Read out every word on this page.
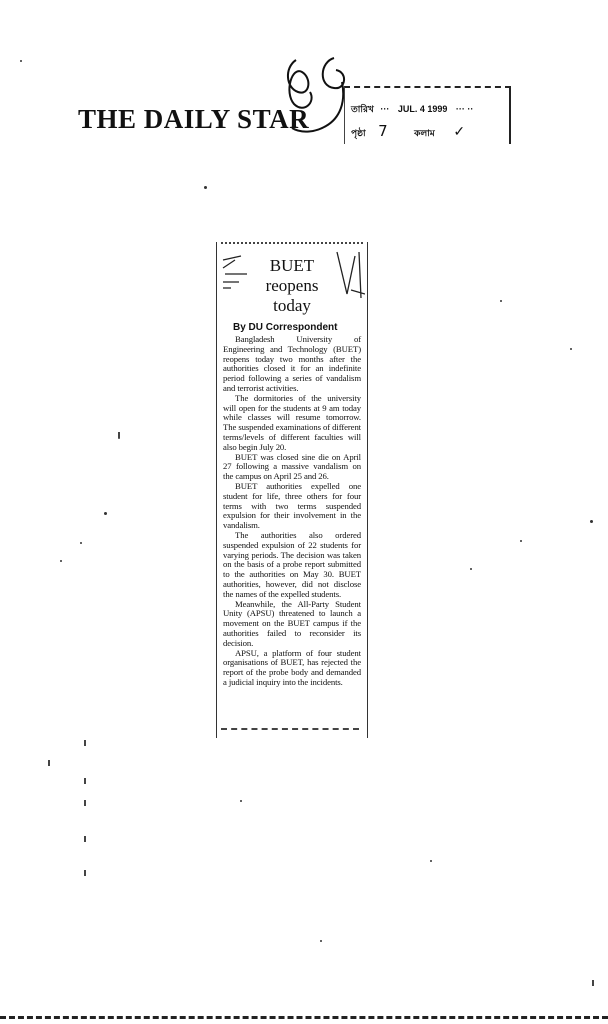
THE DAILY STAR	তারিখ ··· JUL. 4 1999 ··· ··
পৃষ্ঠা 7	কলাম ✓
BUET
reopens
today
By DU Correspondent

Bangladesh University of Engineering and Technology (BUET) reopens today two months after the authorities closed it for an indefinite period following a series of vandalism and terrorist activities.

The dormitories of the university will open for the students at 9 am today while classes will resume tomorrow. The suspended examinations of different terms/levels of different faculties will also begin July 20.

BUET was closed sine die on April 27 following a massive vandalism on the campus on April 25 and 26.

BUET authorities expelled one student for life, three others for four terms with two terms suspended expulsion for their involvement in the vandalism.

The authorities also ordered suspended expulsion of 22 students for varying periods. The decision was taken on the basis of a probe report submitted to the authorities on May 30. BUET authorities, however, did not disclose the names of the expelled students.

Meanwhile, the All-Party Student Unity (APSU) threatened to launch a movement on the BUET campus if the authorities failed to reconsider its decision.

APSU, a platform of four student organisations of BUET, has rejected the report of the probe body and demanded a judicial inquiry into the incidents.
